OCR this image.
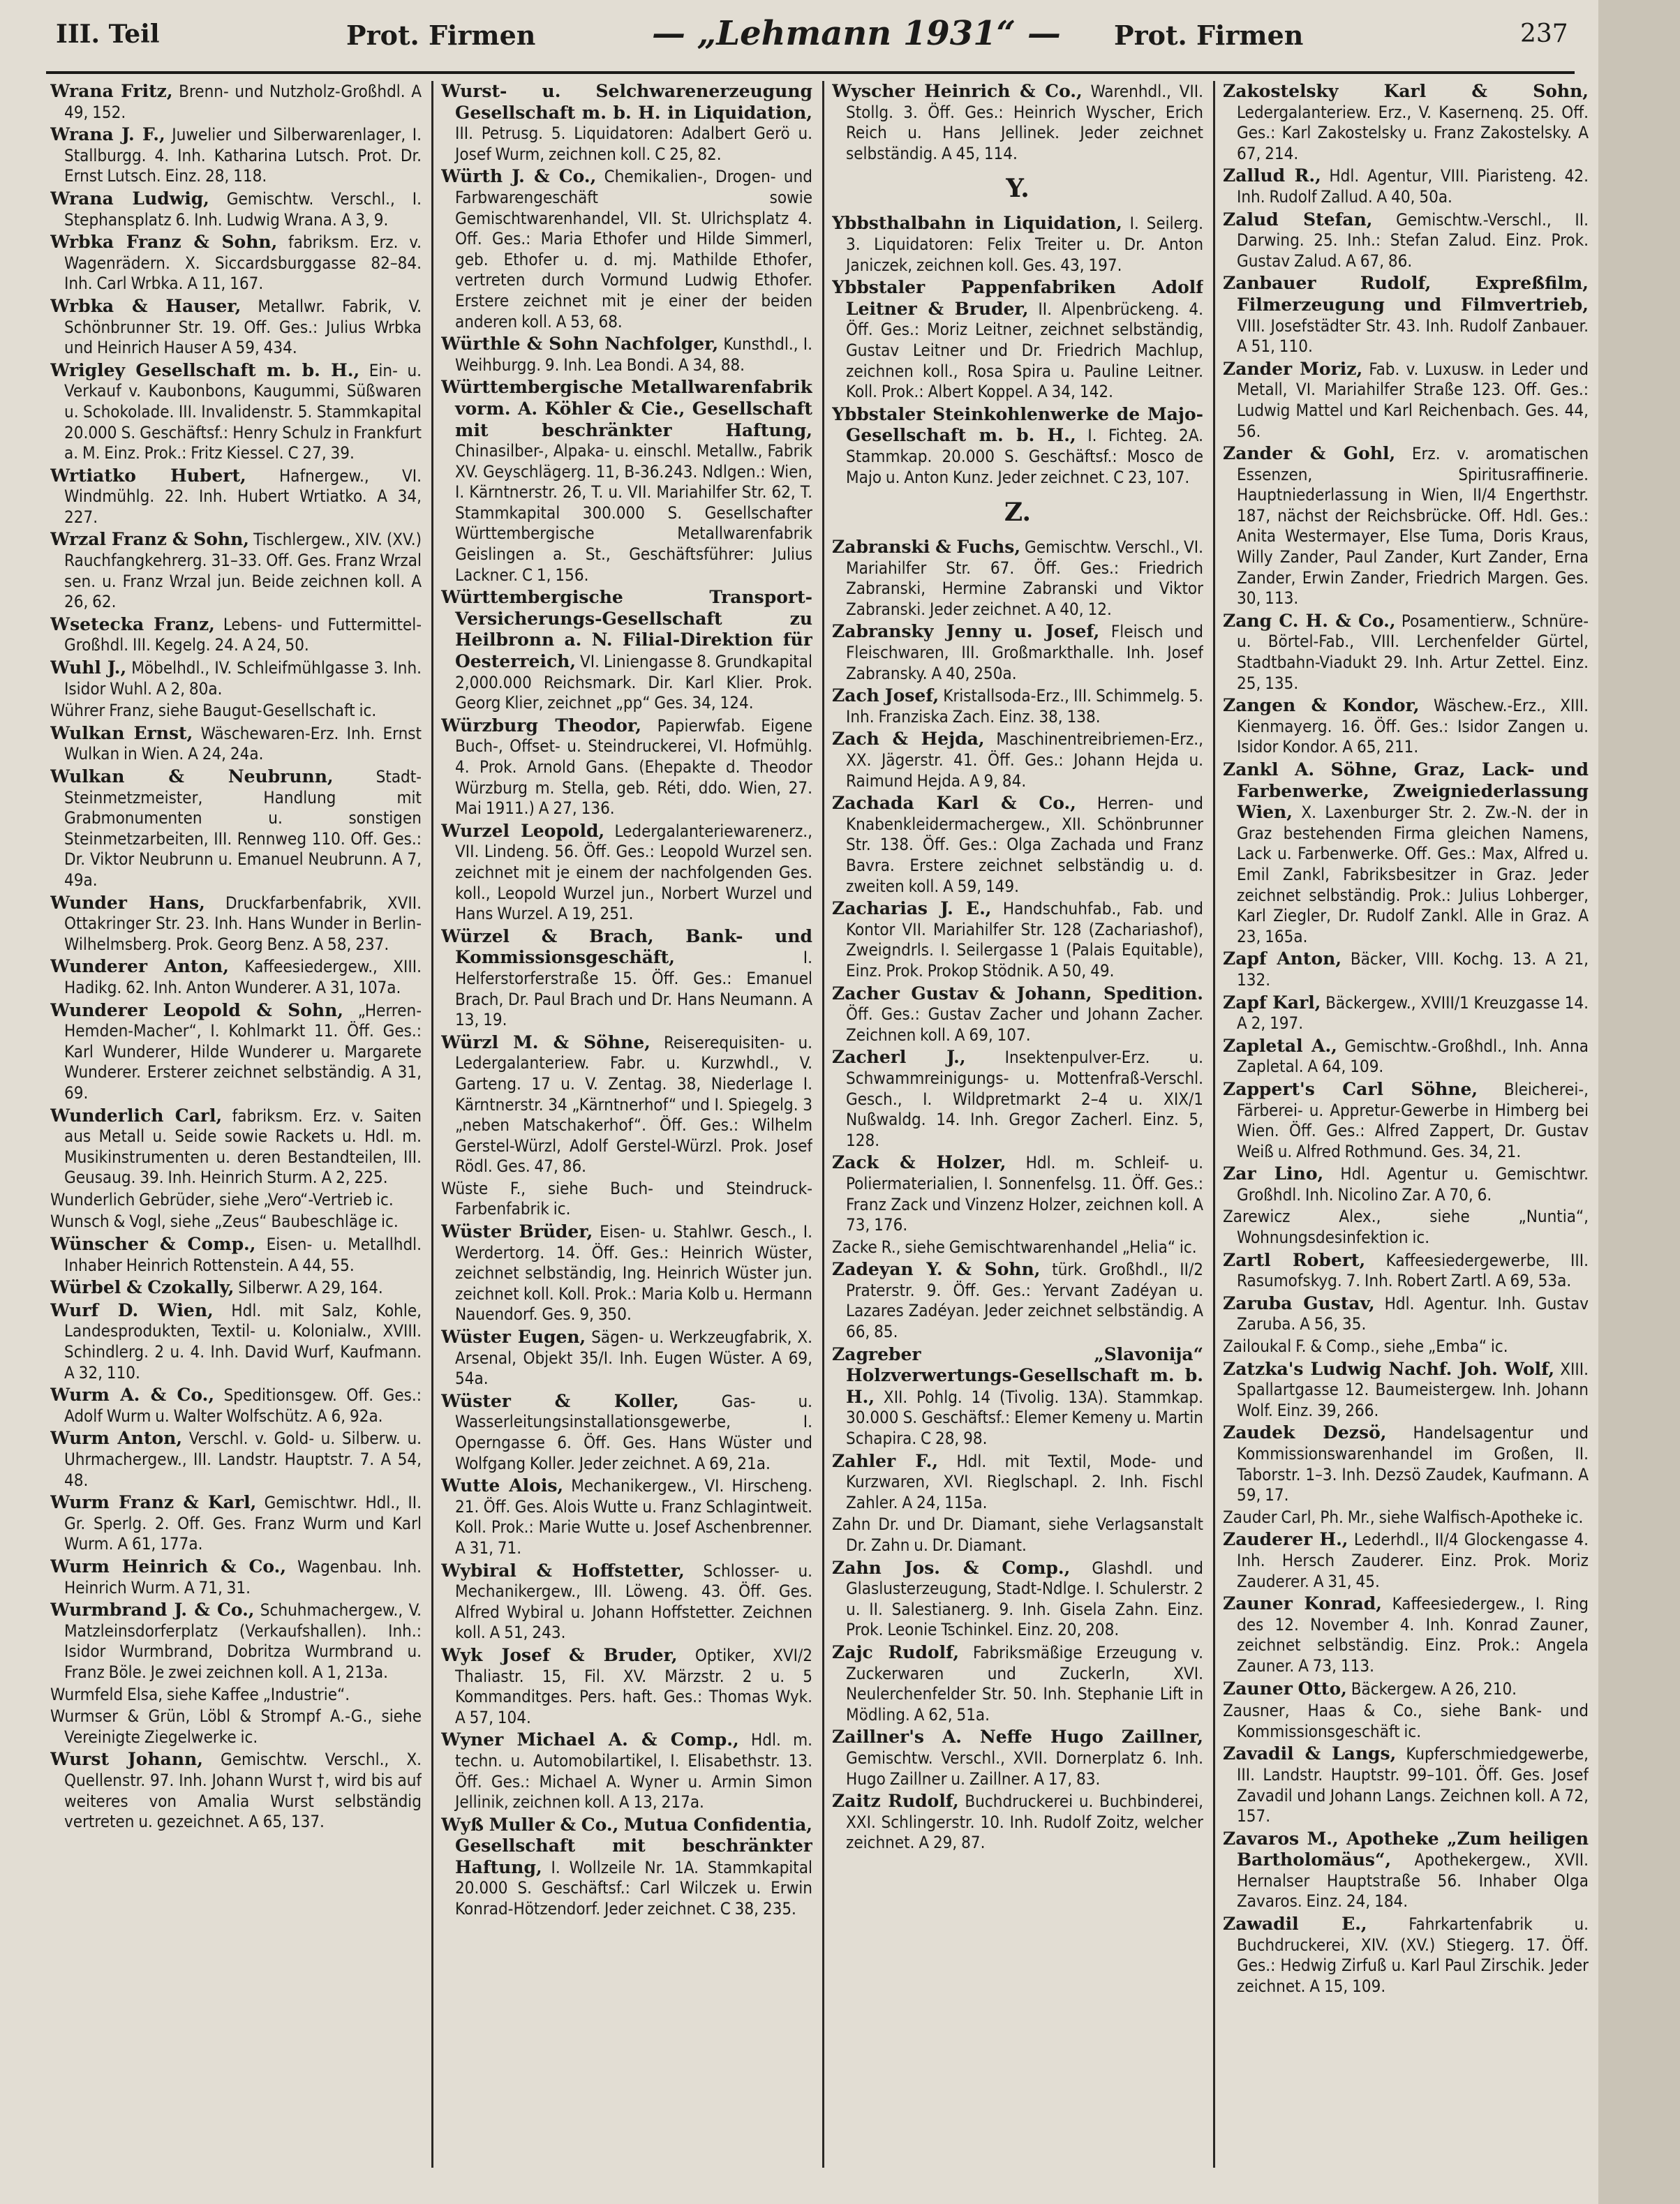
III. Teil	Prot. Firmen	— „Lehmann 1931“ — Prot. Firmen	237

Wrana Fritz, Brenn- und Nutzholz-Großhdl. A 49, 152.

Wrana J. F., Juwelier und Silberwarenlager, I. Stallburgg. 4. Inh. Katharina Lutsch. Prot. Dr. Ernst Lutsch. Einz. 28, 118.

Wrana Ludwig, Gemischtw. Verschl., I. Stephansplatz 6. Inh. Ludwig Wrana. A 3, 9.

Wrbka Franz & Sohn, fabriksm. Erz. v. Wagenrädern. X. Siccardsburggasse 82–84. Inh. Carl Wrbka. A 11, 167.

Wrbka & Hauser, Metallwr. Fabrik, V. Schönbrunner Str. 19. Off. Ges.: Julius Wrbka und Heinrich Hauser A 59, 434.

Wrigley Gesellschaft m. b. H., Ein- u. Verkauf v. Kaubonbons, Kaugummi, Süßwaren u. Schokolade. III. Invalidenstr. 5. Stammkapital 20.000 S. Geschäftsf.: Henry Schulz in Frankfurt a. M. Einz. Prok.: Fritz Kiessel. C 27, 39.

Wrtiatko Hubert, Hafnergew., VI. Windmühlg. 22. Inh. Hubert Wrtiatko. A 34, 227.

Wrzal Franz & Sohn, Tischlergew., XIV. (XV.) Rauchfangkehrerg. 31–33. Off. Ges. Franz Wrzal sen. u. Franz Wrzal jun. Beide zeichnen koll. A 26, 62.

Wsetecka Franz, Lebens- und Futtermittel-Großhdl. III. Kegelg. 24. A 24, 50.

Wuhl J., Möbelhdl., IV. Schleifmühlgasse 3. Inh. Isidor Wuhl. A 2, 80a.

Wührer Franz, siehe Baugut-Gesellschaft ic.

Wulkan Ernst, Wäschewaren-Erz. Inh. Ernst Wulkan in Wien. A 24, 24a.

Wulkan & Neubrunn,	Stadt-Steinmetzmeister, Handlung mit Grabmonumenten u. sonstigen Steinmetzarbeiten, III. Rennweg 110. Off. Ges.: Dr. Viktor Neubrunn u. Emanuel Neubrunn. A 7, 49a.

Wunder Hans, Druckfarbenfabrik, XVII. Ottakringer Str. 23. Inh. Hans Wunder in Berlin-Wilhelmsberg. Prok. Georg Benz. A 58, 237.

Wunderer Anton, Kaffeesiedergew., XIII. Hadikg. 62. Inh. Anton Wunderer. A 31, 107a.

Wunderer Leopold & Sohn, „Herren-Hemden-Macher“, I. Kohlmarkt 11. Öff. Ges.: Karl Wunderer, Hilde Wunderer u. Margarete Wunderer. Ersterer zeichnet selbständig. A 31, 69.

Wunderlich Carl, fabriksm. Erz. v. Saiten aus Metall u. Seide sowie Rackets u. Hdl. m. Musikinstrumenten u. deren Bestandteilen, III. Geusaug. 39. Inh. Heinrich Sturm. A 2, 225.

Wunderlich Gebrüder, siehe „Vero“-Vertrieb ic.

Wunsch & Vogl, siehe „Zeus“ Baubeschläge ic.

Wünscher & Comp., Eisen- u. Metallhdl. Inhaber Heinrich Rottenstein. A 44, 55.

Würbel & Czokally, Silberwr. A 29, 164.

Wurf D. Wien, Hdl. mit Salz, Kohle, Landesprodukten, Textil- u. Kolonialw., XVIII. Schindlerg. 2 u. 4. Inh. David Wurf, Kaufmann. A 32, 110.

Wurm A. & Co., Speditionsgew. Off. Ges.: Adolf Wurm u. Walter Wolfschütz. A 6, 92a.

Wurm Anton, Verschl. v. Gold- u. Silberw. u. Uhrmachergew., III. Landstr. Hauptstr. 7. A 54, 48.

Wurm Franz & Karl, Gemischtwr. Hdl., II. Gr. Sperlg. 2. Off. Ges. Franz Wurm und Karl Wurm. A 61, 177a.

Wurm Heinrich & Co., Wagenbau. Inh. Heinrich Wurm. A 71, 31.

Wurmbrand J. & Co., Schuhmachergew., V. Matzleinsdorferplatz (Verkaufshallen). Inh.: Isidor Wurmbrand, Dobritza Wurmbrand u. Franz Böle. Je zwei zeichnen koll. A 1, 213a.

Wurmfeld Elsa, siehe Kaffee „Industrie“.

Wurmser & Grün, Löbl & Strompf A.-G., siehe Vereinigte Ziegelwerke ic.

Wurst Johann, Gemischtw. Verschl., X. Quellenstr. 97. Inh. Johann Wurst †, wird bis auf weiteres von Amalia Wurst selbständig vertreten u. gezeichnet. A 65, 137.

Wurst- u. Selchwarenerzeugung Gesellschaft m. b. H. in Liquidation, III. Petrusg. 5. Liquidatoren: Adalbert Gerö u. Josef Wurm, zeichnen koll. C 25, 82.

Würth J. & Co., Chemikalien-, Drogen- und Farbwarengeschäft sowie Gemischtwarenhandel, VII. St. Ulrichsplatz 4. Off. Ges.: Maria Ethofer und Hilde Simmerl, geb. Ethofer u. d. mj. Mathilde Ethofer, vertreten durch Vormund Ludwig Ethofer. Erstere zeichnet mit je einer der beiden anderen koll. A 53, 68.

Würthle & Sohn Nachfolger, Kunsthdl., I. Weihburgg. 9. Inh. Lea Bondi. A 34, 88.

Württembergische Metallwarenfabrik vorm. A. Köhler & Cie., Gesellschaft mit beschränkter Haftung, Chinasilber-, Alpaka- u. einschl. Metallw., Fabrik XV. Geyschlägerg. 11, B-36.243. Ndlgen.: Wien, I. Kärntnerstr. 26, T. u. VII. Mariahilfer Str. 62, T. Stammkapital 300.000 S. Gesellschafter Württembergische Metallwarenfabrik Geislingen a. St., Geschäftsführer: Julius Lackner. C 1, 156.

Württembergische Transport-Versicherungs-Gesellschaft zu Heilbronn a. N. Filial-Direktion für Oesterreich, VI. Liniengasse 8. Grundkapital 2,000.000 Reichsmark. Dir. Karl Klier. Prok. Georg Klier, zeichnet „pp“ Ges. 34, 124.

Würzburg Theodor, Papierwfab. Eigene Buch-, Offset- u. Steindruckerei, VI. Hofmühlg. 4. Prok. Arnold Gans. (Ehepakte d. Theodor Würzburg m. Stella, geb. Réti, ddo. Wien, 27. Mai 1911.) A 27, 136.

Wurzel Leopold, Ledergalanteriewarenerz., VII. Lindeng. 56. Öff. Ges.: Leopold Wurzel sen. zeichnet mit je einem der nachfolgenden Ges. koll., Leopold Wurzel jun., Norbert Wurzel und Hans Wurzel. A 19, 251.

Würzel & Brach, Bank- und Kommissionsgeschäft,	I. Helferstorferstraße 15. Öff. Ges.: Emanuel Brach, Dr. Paul Brach und Dr. Hans Neumann. A 13, 19.

Würzl M. & Söhne, Reiserequisiten- u. Ledergalanteriew. Fabr. u. Kurzwhdl., V. Garteng. 17 u. V. Zentag. 38, Niederlage I. Kärntnerstr. 34 „Kärntnerhof“ und I. Spiegelg. 3 „neben Matschakerhof“. Öff. Ges.: Wilhelm Gerstel-Würzl, Adolf Gerstel-Würzl. Prok. Josef Rödl. Ges. 47, 86.

Wüste F., siehe Buch- und Steindruck-Farbenfabrik ic.

Wüster Brüder, Eisen- u. Stahlwr. Gesch., I. Werdertorg. 14. Öff. Ges.: Heinrich Wüster, zeichnet selbständig, Ing. Heinrich Wüster jun. zeichnet koll. Koll. Prok.: Maria Kolb u. Hermann Nauendorf. Ges. 9, 350.

Wüster Eugen, Sägen- u. Werkzeugfabrik, X. Arsenal, Objekt 35/I. Inh. Eugen Wüster. A 69, 54a.

Wüster & Koller,	Gas- u. Wasserleitungsinstallationsgewerbe, I. Operngasse 6. Öff. Ges. Hans Wüster und Wolfgang Koller. Jeder zeichnet. A 69, 21a.

Wutte Alois, Mechanikergew., VI. Hirscheng. 21. Öff. Ges. Alois Wutte u. Franz Schlagintweit. Koll. Prok.: Marie Wutte u. Josef Aschenbrenner. A 31, 71.

Wybiral & Hoffstetter, Schlosser- u. Mechanikergew., III. Löweng. 43. Öff. Ges. Alfred Wybiral u. Johann Hoffstetter. Zeichnen koll. A 51, 243.

Wyk Josef & Bruder, Optiker, XVI/2 Thaliastr. 15, Fil. XV. Märzstr. 2 u. 5 Kommanditges. Pers. haft. Ges.: Thomas Wyk. A 57, 104.

Wyner Michael A. & Comp., Hdl. m. techn. u. Automobilartikel, I. Elisabethstr. 13. Öff. Ges.: Michael A. Wyner u. Armin Simon Jellinik, zeichnen koll. A 13, 217a.

Wyß Muller & Co., Mutua Confidentia, Gesellschaft mit beschränkter Haftung, I. Wollzeile Nr. 1A. Stammkapital 20.000 S. Geschäftsf.: Carl Wilczek u. Erwin Konrad-Hötzendorf. Jeder zeichnet. C 38, 235.

Wyscher Heinrich & Co., Warenhdl., VII. Stollg. 3. Öff. Ges.: Heinrich Wyscher, Erich Reich u. Hans Jellinek. Jeder zeichnet selbständig. A 45, 114.

Y.

Ybbsthalbahn in Liquidation, I. Seilerg. 3. Liquidatoren: Felix Treiter u. Dr. Anton Janiczek, zeichnen koll. Ges. 43, 197.

Ybbstaler Pappenfabriken Adolf Leitner & Bruder, II. Alpenbrückeng. 4. Öff. Ges.: Moriz Leitner, zeichnet selbständig, Gustav Leitner und Dr. Friedrich Machlup, zeichnen koll., Rosa Spira u. Pauline Leitner. Koll. Prok.: Albert Koppel. A 34, 142.

Ybbstaler Steinkohlenwerke de Majo-Gesellschaft m. b. H., I. Fichteg. 2A. Stammkap. 20.000 S. Geschäftsf.: Mosco de Majo u. Anton Kunz. Jeder zeichnet. C 23, 107.

Z.

Zabranski & Fuchs, Gemischtw. Verschl., VI. Mariahilfer Str. 67. Öff. Ges.: Friedrich Zabranski, Hermine Zabranski und Viktor Zabranski. Jeder zeichnet. A 40, 12.

Zabransky Jenny u. Josef, Fleisch und Fleischwaren, III. Großmarkthalle. Inh. Josef Zabransky. A 40, 250a.

Zach Josef, Kristallsoda-Erz., III. Schimmelg. 5. Inh. Franziska Zach. Einz. 38, 138.

Zach & Hejda, Maschinentreibriemen-Erz., XX. Jägerstr. 41. Öff. Ges.: Johann Hejda u. Raimund Hejda. A 9, 84.

Zachada Karl & Co., Herren- und Knabenkleidermachergew., XII. Schönbrunner Str. 138. Öff. Ges.: Olga Zachada und Franz Bavra. Erstere zeichnet selbständig u. d. zweiten koll. A 59, 149.

Zacharias J. E., Handschuhfab., Fab. und Kontor VII. Mariahilfer Str. 128 (Zachariashof), Zweigndrls. I. Seilergasse 1 (Palais Equitable), Einz. Prok. Prokop Stödnik. A 50, 49.

Zacher Gustav & Johann, Spedition. Öff. Ges.: Gustav Zacher und Johann Zacher. Zeichnen koll. A 69, 107.

Zacherl J., Insektenpulver-Erz. u. Schwammreinigungs- u. Mottenfraß-Verschl. Gesch., I. Wildpretmarkt 2–4 u. XIX/1 Nußwaldg. 14. Inh. Gregor Zacherl. Einz. 5, 128.

Zack & Holzer, Hdl. m. Schleif- u. Poliermaterialien, I. Sonnenfelsg. 11. Öff. Ges.: Franz Zack und Vinzenz Holzer, zeichnen koll. A 73, 176.

Zacke R., siehe Gemischtwarenhandel „Helia“ ic.

Zadeyan Y. & Sohn, türk. Großhdl., II/2 Praterstr. 9. Öff. Ges.: Yervant Zadéyan u. Lazares Zadéyan. Jeder zeichnet selbständig. A 66, 85.

Zagreber „Slavonija“ Holzverwertungs-Gesellschaft m. b. H., XII. Pohlg. 14 (Tivolig. 13A). Stammkap. 30.000 S. Geschäftsf.: Elemer Kemeny u. Martin Schapira. C 28, 98.

Zahler F., Hdl. mit Textil, Mode- und Kurzwaren, XVI. Rieglschapl. 2. Inh. Fischl Zahler. A 24, 115a.

Zahn Dr. und Dr. Diamant, siehe Verlagsanstalt Dr. Zahn u. Dr. Diamant.

Zahn Jos. & Comp., Glashdl. und Glaslusterzeugung, Stadt-Ndlge. I. Schulerstr. 2 u. II. Salestianerg. 9. Inh. Gisela Zahn. Einz. Prok. Leonie Tschinkel. Einz. 20, 208.

Zajc Rudolf, Fabriksmäßige Erzeugung v. Zuckerwaren und Zuckerln, XVI. Neulerchenfelder Str. 50. Inh. Stephanie Lift in Mödling. A 62, 51a.

Zaillner's A. Neffe Hugo Zaillner, Gemischtw. Verschl., XVII. Dornerplatz 6. Inh. Hugo Zaillner u. Zaillner. A 17, 83.

Zaitz Rudolf, Buchdruckerei u. Buchbinderei, XXI. Schlingerstr. 10. Inh. Rudolf Zoitz, welcher zeichnet. A 29, 87.

Zakostelsky Karl & Sohn, Ledergalanteriew. Erz., V. Kasernenq. 25. Off. Ges.: Karl Zakostelsky u. Franz Zakostelsky. A 67, 214.

Zallud R., Hdl. Agentur, VIII. Piaristeng. 42. Inh. Rudolf Zallud. A 40, 50a.

Zalud Stefan, Gemischtw.-Verschl., II. Darwing. 25. Inh.: Stefan Zalud. Einz. Prok. Gustav Zalud. A 67, 86.

Zanbauer Rudolf, Expreßfilm, Filmerzeugung und Filmvertrieb, VIII. Josefstädter Str. 43. Inh. Rudolf Zanbauer. A 51, 110.

Zander Moriz, Fab. v. Luxusw. in Leder und Metall, VI. Mariahilfer Straße 123. Off. Ges.: Ludwig Mattel und Karl Reichenbach. Ges. 44, 56.

Zander & Gohl, Erz. v. aromatischen Essenzen, Spiritusraffinerie. Hauptniederlassung in Wien, II/4 Engerthstr. 187, nächst der Reichsbrücke. Off. Hdl. Ges.: Anita Westermayer, Else Tuma, Doris Kraus, Willy Zander, Paul Zander, Kurt Zander, Erna Zander, Erwin Zander, Friedrich Margen. Ges. 30, 113.

Zang C. H. & Co., Posamentierw., Schnüre- u. Börtel-Fab., VIII. Lerchenfelder Gürtel, Stadtbahn-Viadukt 29. Inh. Artur Zettel. Einz. 25, 135.

Zangen & Kondor, Wäschew.-Erz., XIII. Kienmayerg. 16. Öff. Ges.: Isidor Zangen u. Isidor Kondor. A 65, 211.

Zankl A. Söhne, Graz, Lack- und Farbenwerke, Zweigniederlassung Wien, X. Laxenburger Str. 2. Zw.-N. der in Graz bestehenden Firma gleichen Namens, Lack u. Farbenwerke. Off. Ges.: Max, Alfred u. Emil Zankl, Fabriksbesitzer in Graz. Jeder zeichnet selbständig. Prok.: Julius Lohberger, Karl Ziegler, Dr. Rudolf Zankl. Alle in Graz. A 23, 165a.

Zapf Anton, Bäcker, VIII. Kochg. 13. A 21, 132.

Zapf Karl, Bäckergew., XVIII/1 Kreuzgasse 14. A 2, 197.

Zapletal A., Gemischtw.-Großhdl., Inh. Anna Zapletal. A 64, 109.

Zappert's Carl Söhne, Bleicherei-, Färberei- u. Appretur-Gewerbe in Himberg bei Wien. Öff. Ges.: Alfred Zappert, Dr. Gustav Weiß u. Alfred Rothmund. Ges. 34, 21.

Zar Lino, Hdl. Agentur u. Gemischtwr. Großhdl. Inh. Nicolino Zar. A 70, 6.

Zarewicz Alex., siehe „Nuntia“, Wohnungsdesinfektion ic.

Zartl Robert, Kaffeesiedergewerbe, III. Rasumofskyg. 7. Inh. Robert Zartl. A 69, 53a.

Zaruba Gustav, Hdl. Agentur. Inh. Gustav Zaruba. A 56, 35.

Zailoukal F. & Comp., siehe „Emba“ ic.

Zatzka's Ludwig Nachf. Joh. Wolf, XIII. Spallartgasse 12. Baumeistergew. Inh. Johann Wolf. Einz. 39, 266.

Zaudek Dezsö, Handelsagentur und Kommissionswarenhandel im Großen, II. Taborstr. 1–3. Inh. Dezsö Zaudek, Kaufmann. A 59, 17.

Zauder Carl, Ph. Mr., siehe Walfisch-Apotheke ic.

Zauderer H., Lederhdl., II/4 Glockengasse 4. Inh. Hersch Zauderer. Einz. Prok. Moriz Zauderer. A 31, 45.

Zauner Konrad, Kaffeesiedergew., I. Ring des 12. November 4. Inh. Konrad Zauner, zeichnet selbständig. Einz. Prok.: Angela Zauner. A 73, 113.

Zauner Otto, Bäckergew. A 26, 210.

Zausner, Haas & Co., siehe Bank- und Kommissionsgeschäft ic.

Zavadil & Langs, Kupferschmiedgewerbe, III. Landstr. Hauptstr. 99–101. Öff. Ges. Josef Zavadil und Johann Langs. Zeichnen koll. A 72, 157.

Zavaros M., Apotheke „Zum heiligen Bartholomäus“, Apothekergew., XVII. Hernalser Hauptstraße 56. Inhaber Olga Zavaros. Einz. 24, 184.

Zawadil E., Fahrkartenfabrik u. Buchdruckerei, XIV. (XV.) Stiegerg. 17. Öff. Ges.: Hedwig Zirfuß u. Karl Paul Zirschik. Jeder zeichnet. A 15, 109.
